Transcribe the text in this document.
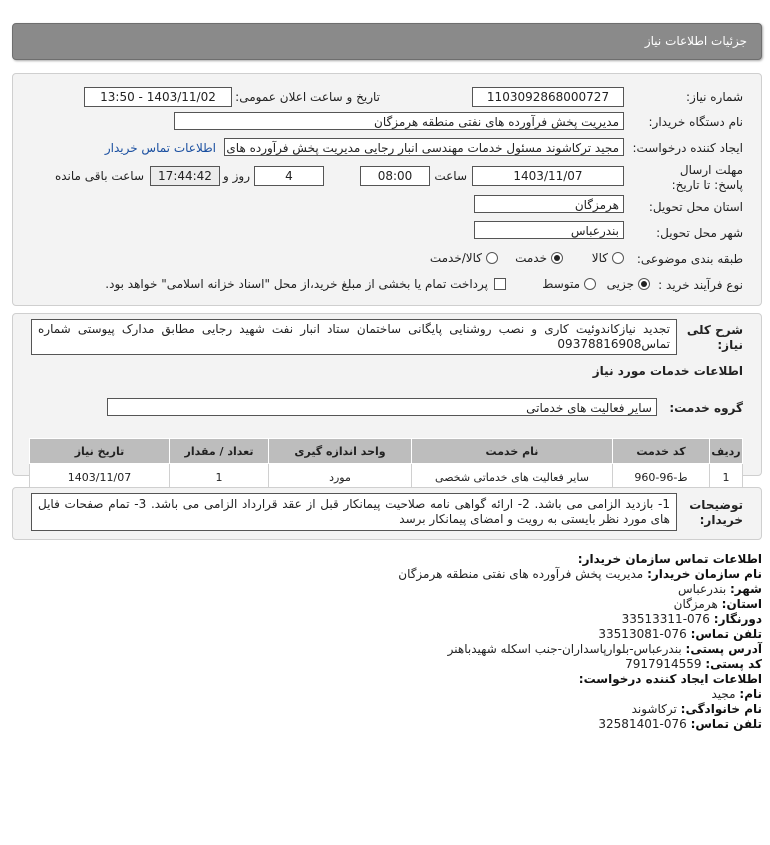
جزئیات اطلاعات نیاز
شماره نیاز:
1103092868000727
تاریخ و ساعت اعلان عمومی:
1403/11/02 - 13:50
نام دستگاه خریدار:
مدیریت پخش فرآورده های نفتی منطقه هرمزگان
ایجاد کننده درخواست:
مجید ترکاشوند مسئول خدمات مهندسی انبار رجایی مدیریت پخش فرآورده های
اطلاعات تماس خریدار
مهلت ارسال پاسخ: تا تاریخ:
1403/11/07
ساعت
08:00
4
روز و
17:44:42
ساعت باقی مانده
استان محل تحویل:
هرمزگان
شهر محل تحویل:
بندرعباس
طبقه بندی موضوعی:
کالا
خدمت
کالا/خدمت
نوع فرآیند خرید :
جزیی
متوسط
پرداخت تمام یا بخشی از مبلغ خرید،از محل "اسناد خزانه اسلامی" خواهد بود.
شرح کلی نیاز:
تجدید نیازکاندوئیت کاری و نصب روشنایی پایگانی ساختمان ستاد انبار نفت شهید رجایی مطابق مدارک پیوستی شماره تماس09378816908
اطلاعات خدمات مورد نیاز
گروه خدمت:
سایر فعالیت های خدماتی
ردیف	کد خدمت	نام خدمت	واحد اندازه گیری	تعداد / مقدار	تاریخ نیاز
1	ط-96-960	سایر فعالیت های خدماتی شخصی	مورد	1	1403/11/07
توضیحات خریدار:
1- بازدید الزامی می باشد. 2- ارائه گواهی نامه صلاحیت پیمانکار قبل از عقد قرارداد الزامی می باشد. 3- تمام صفحات فایل های مورد نظر بایستی به رویت و امضای پیمانکار برسد
اطلاعات تماس سازمان خریدار:
نام سازمان خریدار: مدیریت پخش فرآورده های نفتی منطقه هرمزگان
شهر: بندرعباس
استان: هرمزگان
دورنگار: 076-33513311
تلفن تماس: 076-33513081
آدرس پستی: بندرعباس-بلوارپاسداران-جنب اسکله شهیدباهنر
کد پستی: 7917914559
اطلاعات ایجاد کننده درخواست:
نام: مجید
نام خانوادگی: ترکاشوند
تلفن تماس: 076-32581401
